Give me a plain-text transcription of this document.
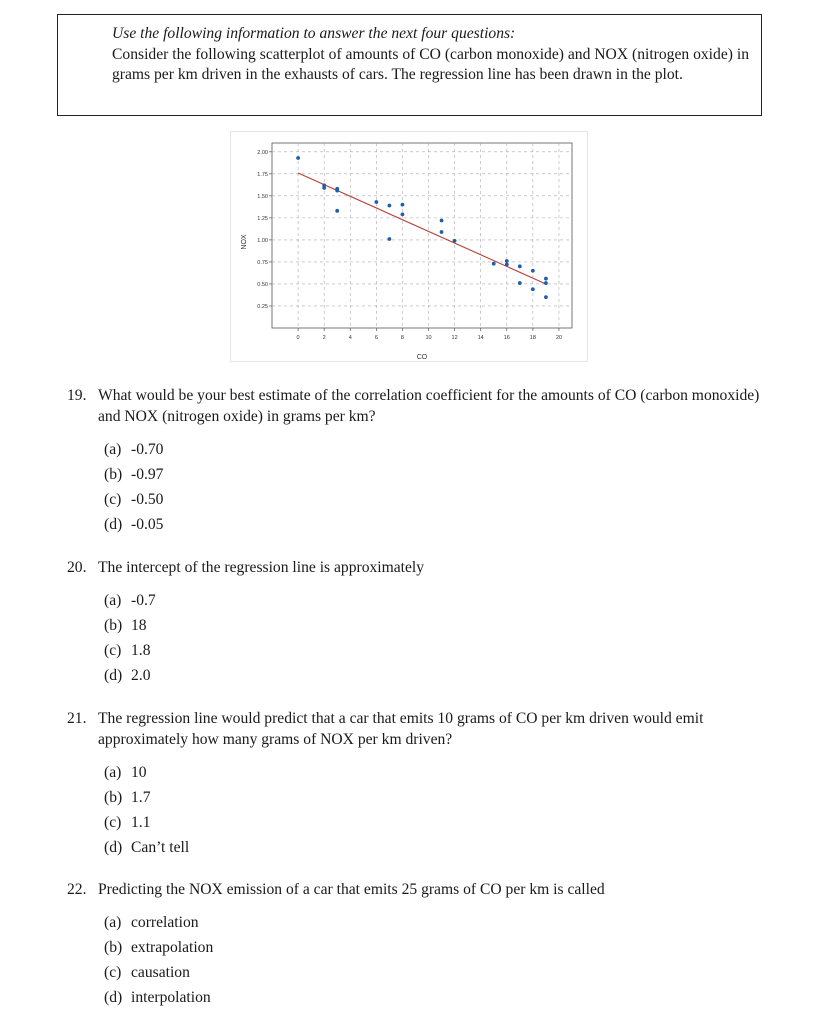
Use the following information to answer the next four questions:
Consider the following scatterplot of amounts of CO (carbon monoxide) and NOX (nitrogen oxide) in grams per km driven in the exhausts of cars. The regression line has been drawn in the plot.
0	2	4	6	8	10	12	14	16	18	20
0.25
0.50
0.75
1.00
1.25
1.50
1.75
2.00
CO
NOX
19. What would be your best estimate of the correlation coefficient for the amounts of CO (carbon monoxide) and NOX (nitrogen oxide) in grams per km?
(a) -0.70
(b) -0.97
(c) -0.50
(d) -0.05
20. The intercept of the regression line is approximately
(a) -0.7
(b) 18
(c) 1.8
(d) 2.0
21. The regression line would predict that a car that emits 10 grams of CO per km driven would emit approximately how many grams of NOX per km driven?
(a) 10
(b) 1.7
(c) 1.1
(d) Can’t tell
22. Predicting the NOX emission of a car that emits 25 grams of CO per km is called
(a) correlation
(b) extrapolation
(c) causation
(d) interpolation
